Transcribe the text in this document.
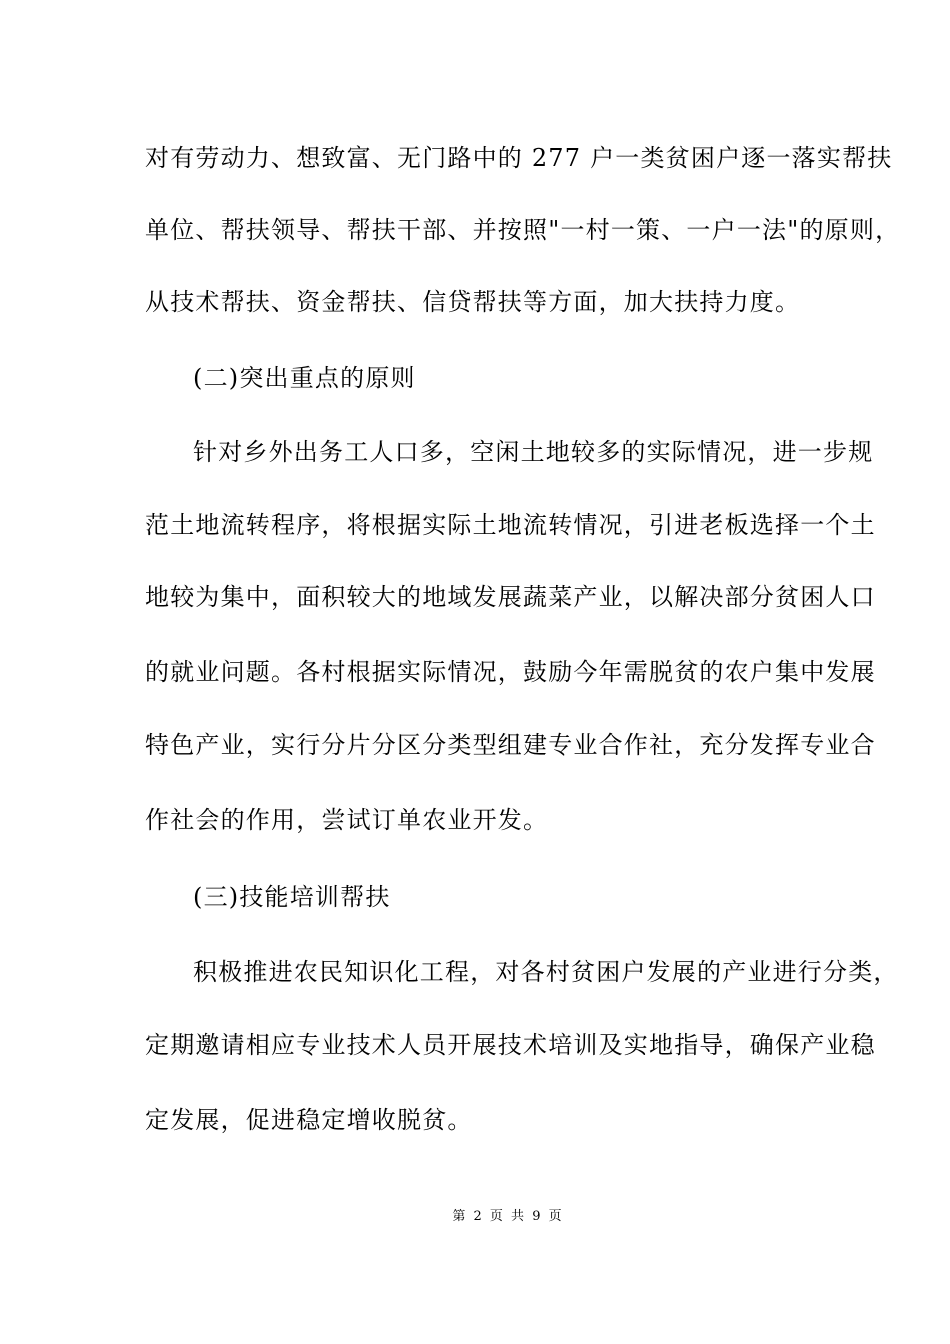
对有劳动力、想致富、无门路中的 277 户一类贫困户逐一落实帮扶
单位、帮扶领导、帮扶干部、并按照"一村一策、一户一法"的原则，
从技术帮扶、资金帮扶、信贷帮扶等方面，加大扶持力度。
(二)突出重点的原则
针对乡外出务工人口多，空闲土地较多的实际情况，进一步规
范土地流转程序，将根据实际土地流转情况，引进老板选择一个土
地较为集中，面积较大的地域发展蔬菜产业，以解决部分贫困人口
的就业问题。各村根据实际情况，鼓励今年需脱贫的农户集中发展
特色产业，实行分片分区分类型组建专业合作社，充分发挥专业合
作社会的作用，尝试订单农业开发。
(三)技能培训帮扶
积极推进农民知识化工程，对各村贫困户发展的产业进行分类，
定期邀请相应专业技术人员开展技术培训及实地指导，确保产业稳
定发展，促进稳定增收脱贫。
第 2 页 共 9 页
